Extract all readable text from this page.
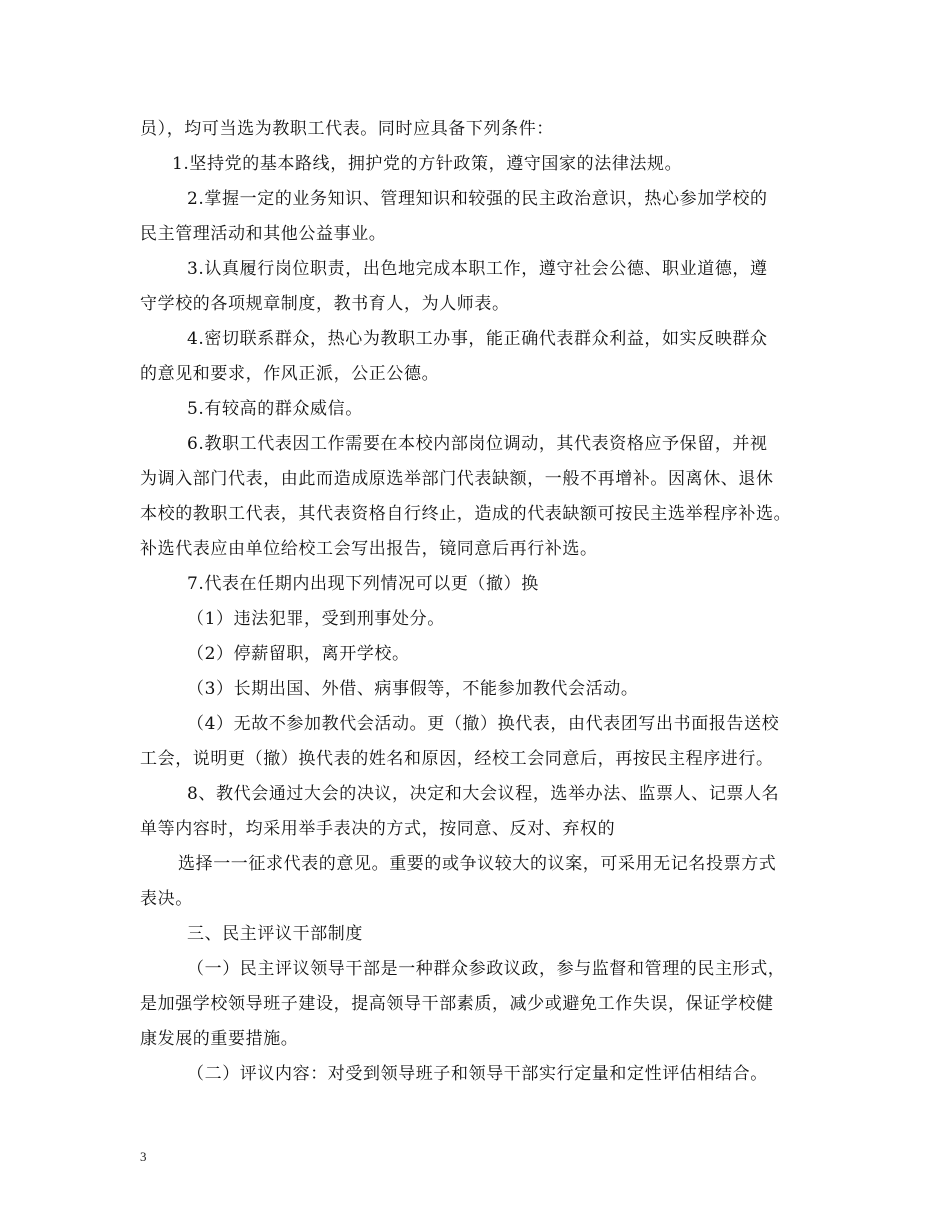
员），均可当选为教职工代表。同时应具备下列条件：
1.坚持党的基本路线，拥护党的方针政策，遵守国家的法律法规。
2.掌握一定的业务知识、管理知识和较强的民主政治意识，热心参加学校的
民主管理活动和其他公益事业。
3.认真履行岗位职责，出色地完成本职工作，遵守社会公德、职业道德，遵
守学校的各项规章制度，教书育人，为人师表。
4.密切联系群众，热心为教职工办事，能正确代表群众利益，如实反映群众
的意见和要求，作风正派，公正公德。
5.有较高的群众威信。
6.教职工代表因工作需要在本校内部岗位调动，其代表资格应予保留，并视
为调入部门代表，由此而造成原选举部门代表缺额，一般不再增补。因离休、退休
本校的教职工代表，其代表资格自行终止，造成的代表缺额可按民主选举程序补选。
补选代表应由单位给校工会写出报告，镜同意后再行补选。
7.代表在任期内出现下列情况可以更（撤）换
（1）违法犯罪，受到刑事处分。
（2）停薪留职，离开学校。
（3）长期出国、外借、病事假等，不能参加教代会活动。
（4）无故不参加教代会活动。更（撤）换代表，由代表团写出书面报告送校
工会，说明更（撤）换代表的姓名和原因，经校工会同意后，再按民主程序进行。
8、教代会通过大会的决议，决定和大会议程，选举办法、监票人、记票人名
单等内容时，均采用举手表决的方式，按同意、反对、弃权的
选择一一征求代表的意见。重要的或争议较大的议案，可采用无记名投票方式
表决。
三、民主评议干部制度
（一）民主评议领导干部是一种群众参政议政，参与监督和管理的民主形式，
是加强学校领导班子建设，提高领导干部素质，减少或避免工作失误，保证学校健
康发展的重要措施。
（二）评议内容：对受到领导班子和领导干部实行定量和定性评估相结合。
3
